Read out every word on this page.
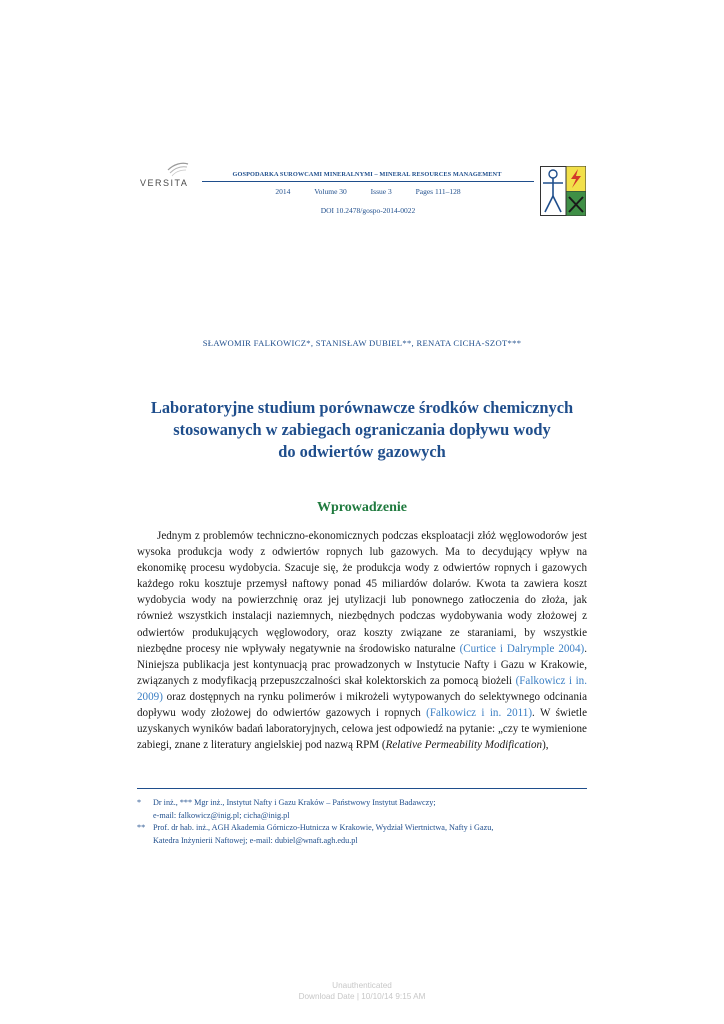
VERSITA
GOSPODARKA SUROWCAMI MINERALNYMI – MINERAL RESOURCES MANAGEMENT
2014	Volume 30	Issue 3	Pages 111–128
DOI 10.2478/gospo-2014-0022
SŁAWOMIR FALKOWICZ*, STANISŁAW DUBIEL**, RENATA CICHA-SZOT***
Laboratoryjne studium porównawcze środków chemicznych
stosowanych w zabiegach ograniczania dopływu wody
do odwiertów gazowych
Wprowadzenie

Jednym z problemów techniczno-ekonomicznych podczas eksploatacji złóż węglowodorów jest wysoka produkcja wody z odwiertów ropnych lub gazowych. Ma to decydujący wpływ na ekonomikę procesu wydobycia. Szacuje się, że produkcja wody z odwiertów ropnych i gazowych każdego roku kosztuje przemysł naftowy ponad 45 miliardów dolarów. Kwota ta zawiera koszt wydobycia wody na powierzchnię oraz jej utylizacji lub ponownego zatłoczenia do złoża, jak również wszystkich instalacji naziemnych, niezbędnych podczas wydobywania wody złożowej z odwiertów produkujących węglowodory, oraz koszty związane ze staraniami, by wszystkie niezbędne procesy nie wpływały negatywnie na środowisko naturalne (Curtice i Dalrymple 2004). Niniejsza publikacja jest kontynuacją prac prowadzonych w Instytucie Nafty i Gazu w Krakowie, związanych z modyfikacją przepuszczalności skał kolektorskich za pomocą biożeli (Falkowicz i in. 2009) oraz dostępnych na rynku polimerów i mikrożeli wytypowanych do selektywnego odcinania dopływu wody złożowej do odwiertów gazowych i ropnych (Falkowicz i in. 2011). W świetle uzyskanych wyników badań laboratoryjnych, celowa jest odpowiedź na pytanie: „czy te wymienione zabiegi, znane z literatury angielskiej pod nazwą RPM (Relative Permeability Modification),

* Dr inż., *** Mgr inż., Instytut Nafty i Gazu Kraków – Państwowy Instytut Badawczy;
e-mail: falkowicz@inig.pl; cicha@inig.pl
** Prof. dr hab. inż., AGH Akademia Górniczo-Hutnicza w Krakowie, Wydział Wiertnictwa, Nafty i Gazu,
Katedra Inżynierii Naftowej; e-mail: dubiel@wnaft.agh.edu.pl
Unauthenticated
Download Date | 10/10/14 9:15 AM
